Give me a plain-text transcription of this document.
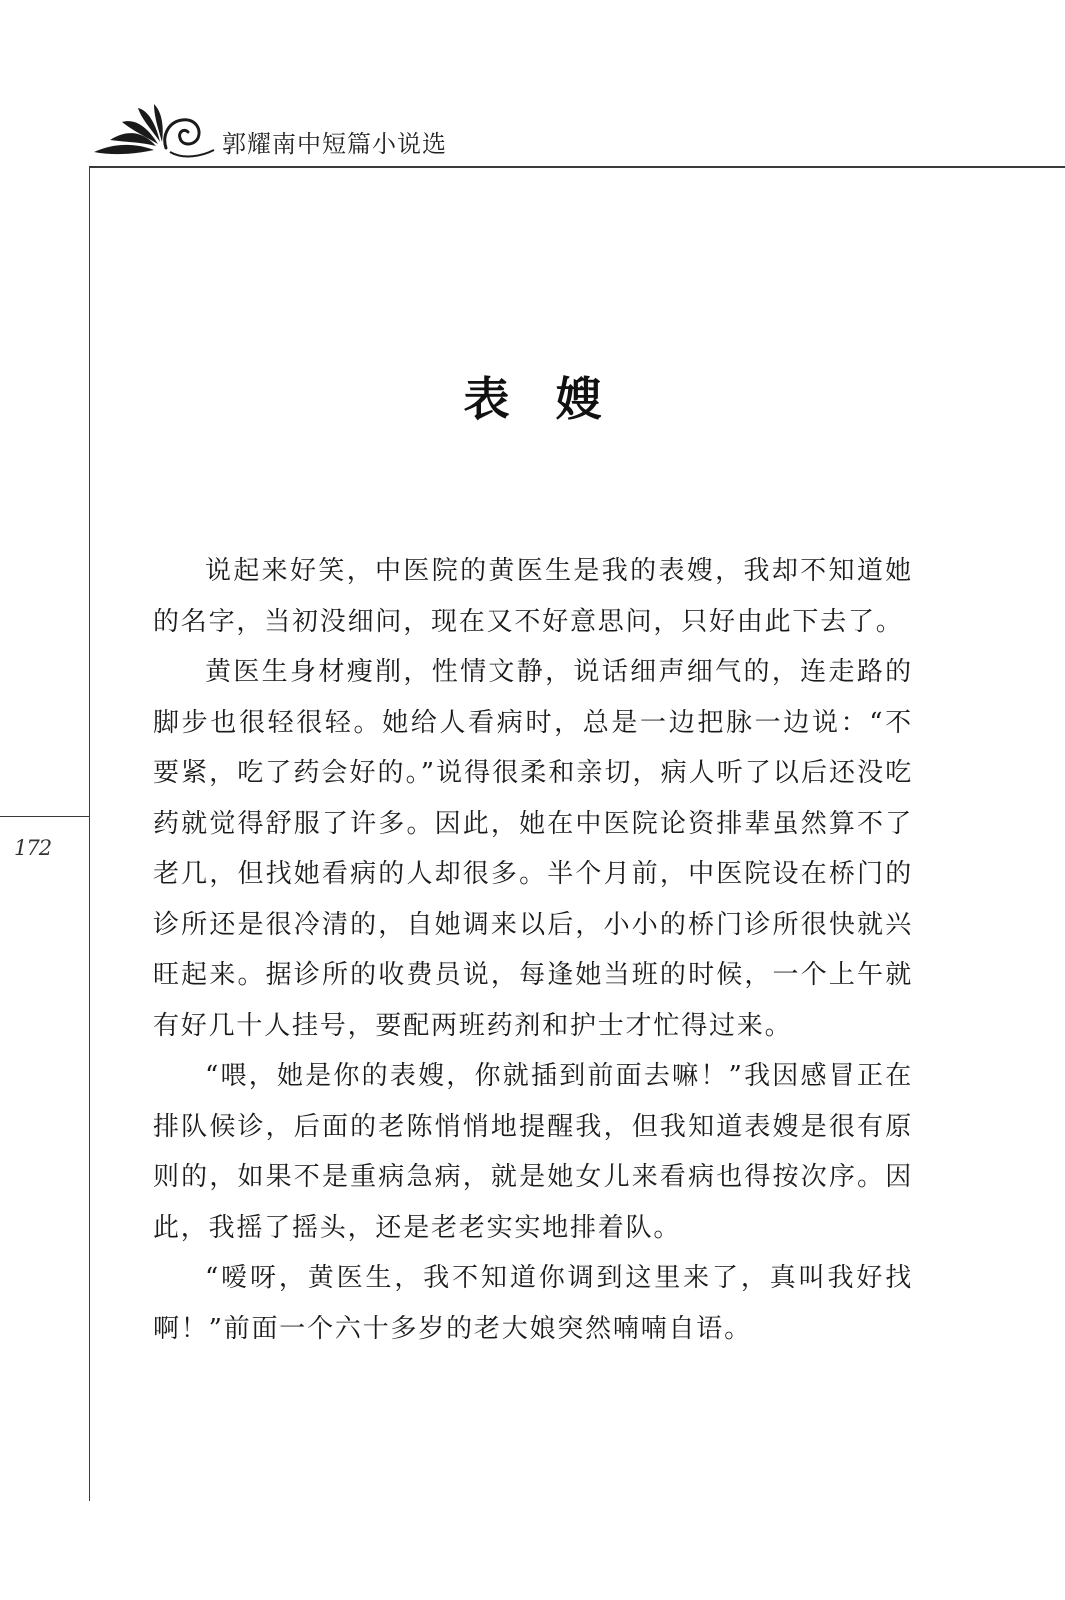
郭耀南中短篇小说选
172
表嫂

说起来好笑，中医院的黄医生是我的表嫂，我却不知道她的名字，当初没细问，现在又不好意思问，只好由此下去了。

黄医生身材瘦削，性情文静，说话细声细气的，连走路的脚步也很轻很轻。她给人看病时，总是一边把脉一边说：“不要紧，吃了药会好的。”说得很柔和亲切，病人听了以后还没吃药就觉得舒服了许多。因此，她在中医院论资排辈虽然算不了老几，但找她看病的人却很多。半个月前，中医院设在桥门的诊所还是很冷清的，自她调来以后，小小的桥门诊所很快就兴旺起来。据诊所的收费员说，每逢她当班的时候，一个上午就有好几十人挂号，要配两班药剂和护士才忙得过来。

“喂，她是你的表嫂，你就插到前面去嘛！”我因感冒正在排队候诊，后面的老陈悄悄地提醒我，但我知道表嫂是很有原则的，如果不是重病急病，就是她女儿来看病也得按次序。因此，我摇了摇头，还是老老实实地排着队。

“嗳呀，黄医生，我不知道你调到这里来了，真叫我好找啊！”前面一个六十多岁的老大娘突然喃喃自语。
